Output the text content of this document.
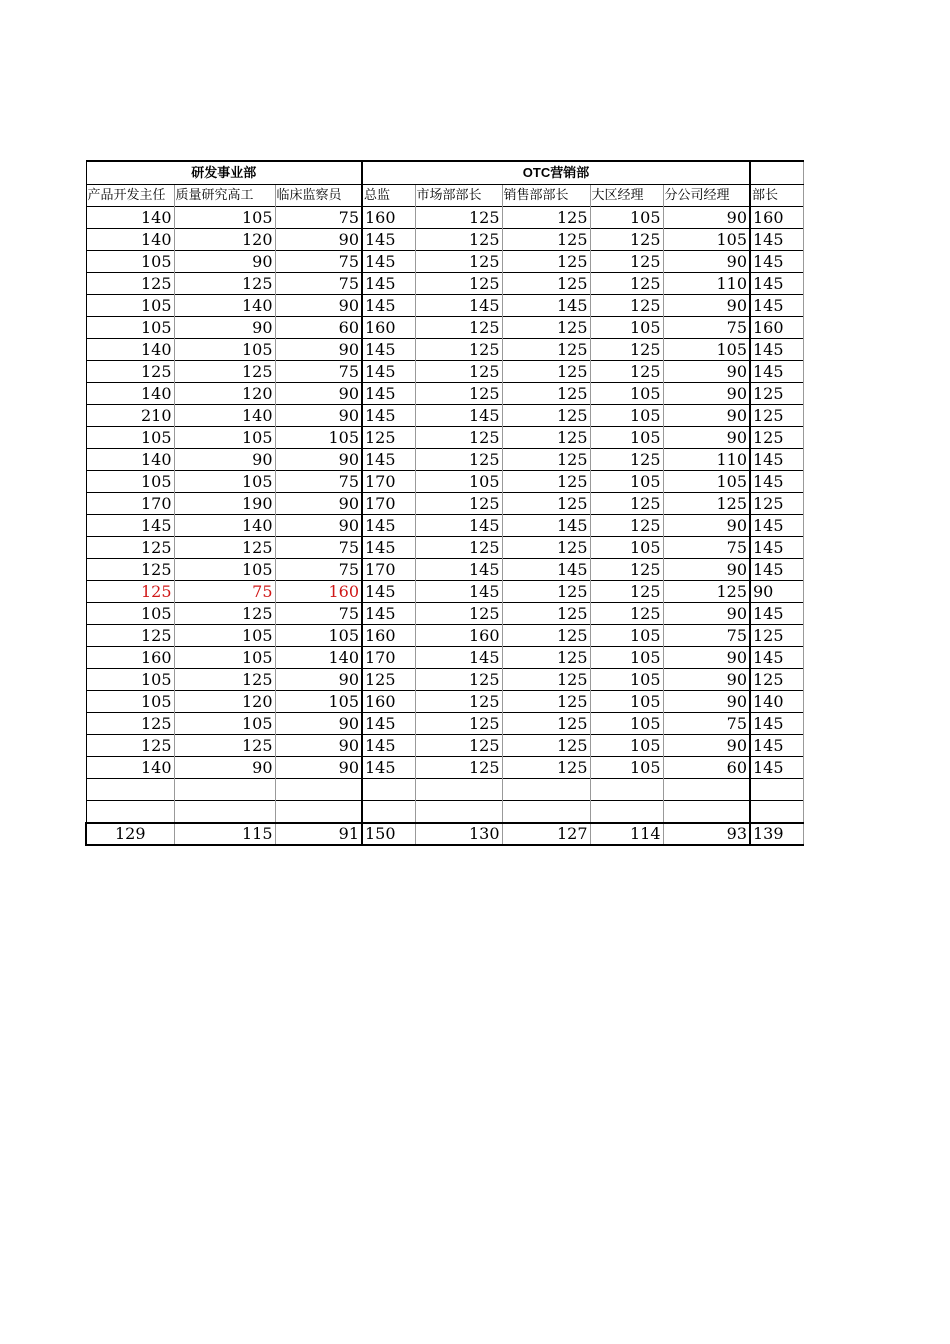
研发事业部			OTC营销部					
产品开发主任	质量研究高工	临床监察员	总监	市场部部长	销售部部长	大区经理	分公司经理	部长
140	105	75	160	125	125	105	90	160
140	120	90	145	125	125	125	105	145
105	90	75	145	125	125	125	90	145
125	125	75	145	125	125	125	110	145
105	140	90	145	145	145	125	90	145
105	90	60	160	125	125	105	75	160
140	105	90	145	125	125	125	105	145
125	125	75	145	125	125	125	90	145
140	120	90	145	125	125	105	90	125
210	140	90	145	145	125	105	90	125
105	105	105	125	125	125	105	90	125
140	90	90	145	125	125	125	110	145
105	105	75	170	105	125	105	105	145
170	190	90	170	125	125	125	125	125
145	140	90	145	145	145	125	90	145
125	125	75	145	125	125	105	75	145
125	105	75	170	145	145	125	90	145
125	75	160	145	145	125	125	125	90
105	125	75	145	125	125	125	90	145
125	105	105	160	160	125	105	75	125
160	105	140	170	145	125	105	90	145
105	125	90	125	125	125	105	90	125
105	120	105	160	125	125	105	90	140
125	105	90	145	125	125	105	75	145
125	125	90	145	125	125	105	90	145
140	90	90	145	125	125	105	60	145

129	115	91	150	130	127	114	93	139
